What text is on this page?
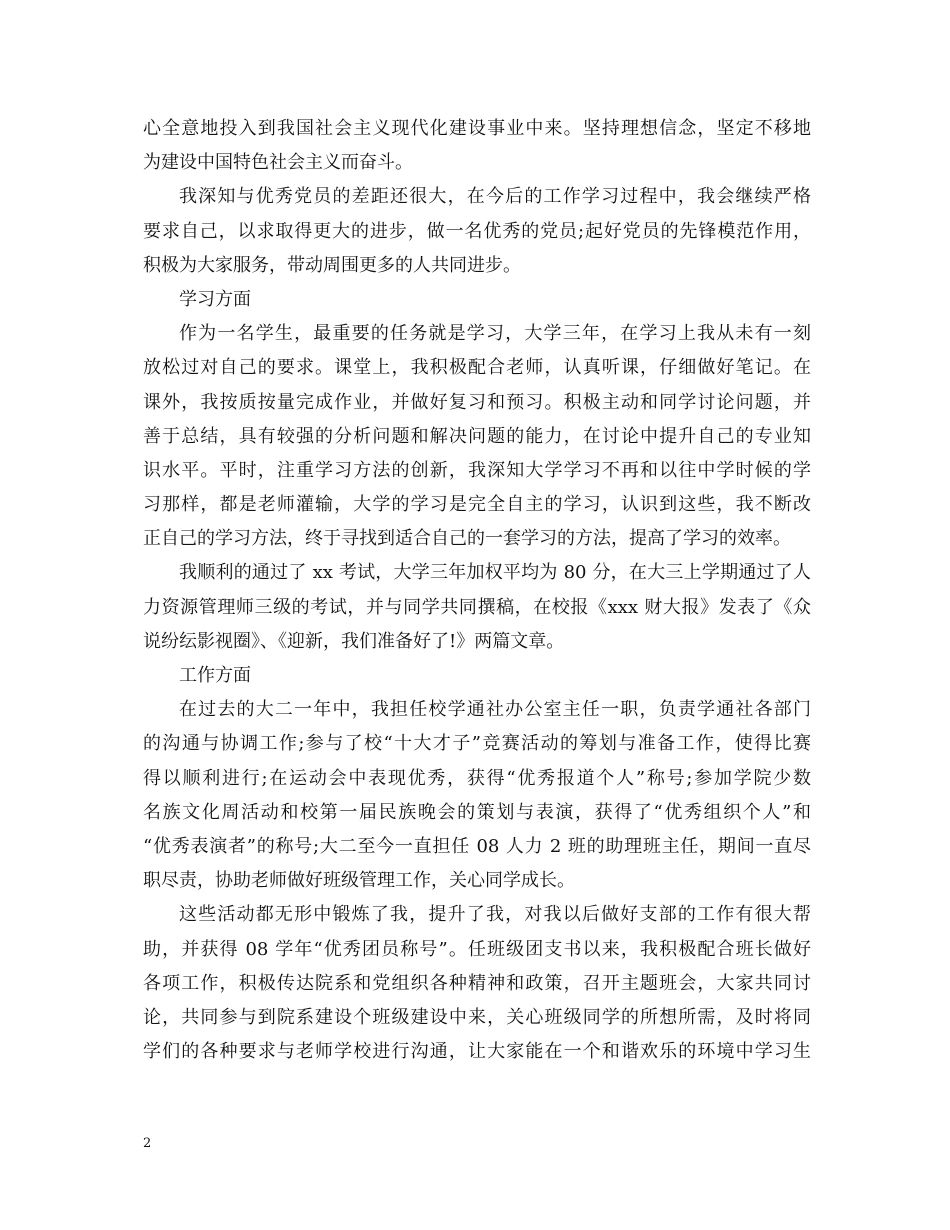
心全意地投入到我国社会主义现代化建设事业中来。坚持理想信念，坚定不移地
为建设中国特色社会主义而奋斗。
我深知与优秀党员的差距还很大，在今后的工作学习过程中，我会继续严格
要求自己，以求取得更大的进步，做一名优秀的党员;起好党员的先锋模范作用，
积极为大家服务，带动周围更多的人共同进步。
学习方面
作为一名学生，最重要的任务就是学习，大学三年，在学习上我从未有一刻
放松过对自己的要求。课堂上，我积极配合老师，认真听课，仔细做好笔记。在
课外，我按质按量完成作业，并做好复习和预习。积极主动和同学讨论问题，并
善于总结，具有较强的分析问题和解决问题的能力，在讨论中提升自己的专业知
识水平。平时，注重学习方法的创新，我深知大学学习不再和以往中学时候的学
习那样，都是老师灌输，大学的学习是完全自主的学习，认识到这些，我不断改
正自己的学习方法，终于寻找到适合自己的一套学习的方法，提高了学习的效率。
我顺利的通过了 xx 考试，大学三年加权平均为 80 分，在大三上学期通过了人
力资源管理师三级的考试，并与同学共同撰稿，在校报《xxx 财大报》发表了《众
说纷纭影视圈》、《迎新，我们准备好了!》两篇文章。
工作方面
在过去的大二一年中，我担任校学通社办公室主任一职，负责学通社各部门
的沟通与协调工作;参与了校“十大才子”竞赛活动的筹划与准备工作，使得比赛
得以顺利进行;在运动会中表现优秀，获得“优秀报道个人”称号;参加学院少数
名族文化周活动和校第一届民族晚会的策划与表演，获得了“优秀组织个人”和
“优秀表演者”的称号;大二至今一直担任 08 人力 2 班的助理班主任，期间一直尽
职尽责，协助老师做好班级管理工作，关心同学成长。
这些活动都无形中锻炼了我，提升了我，对我以后做好支部的工作有很大帮
助，并获得 08 学年“优秀团员称号”。任班级团支书以来，我积极配合班长做好
各项工作，积极传达院系和党组织各种精神和政策，召开主题班会，大家共同讨
论，共同参与到院系建设个班级建设中来，关心班级同学的所想所需，及时将同
学们的各种要求与老师学校进行沟通，让大家能在一个和谐欢乐的环境中学习生
2
